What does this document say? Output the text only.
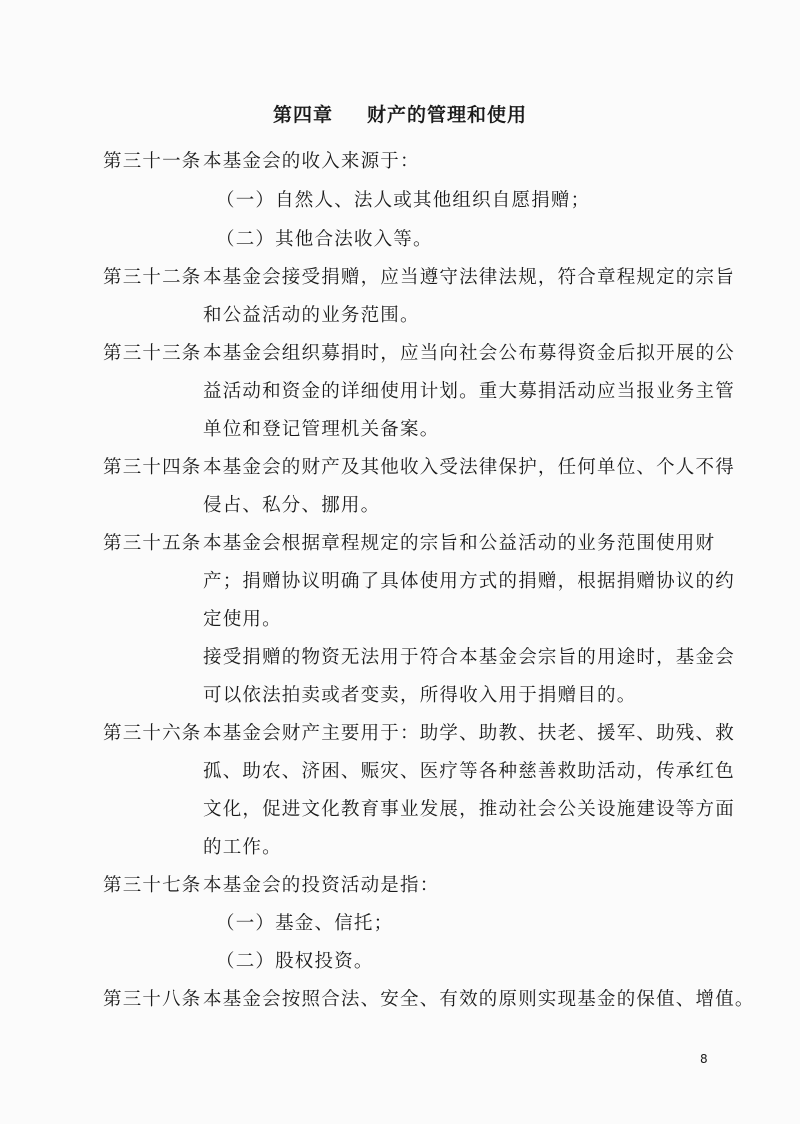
第四章 财产的管理和使用
第三十一条 本基金会的收入来源于：
（一）自然人、法人或其他组织自愿捐赠；
（二）其他合法收入等。
第三十二条 本基金会接受捐赠，应当遵守法律法规，符合章程规定的宗旨
和公益活动的业务范围。
第三十三条 本基金会组织募捐时，应当向社会公布募得资金后拟开展的公
益活动和资金的详细使用计划。重大募捐活动应当报业务主管
单位和登记管理机关备案。
第三十四条 本基金会的财产及其他收入受法律保护，任何单位、个人不得
侵占、私分、挪用。
第三十五条 本基金会根据章程规定的宗旨和公益活动的业务范围使用财
产；捐赠协议明确了具体使用方式的捐赠，根据捐赠协议的约
定使用。
接受捐赠的物资无法用于符合本基金会宗旨的用途时，基金会
可以依法拍卖或者变卖，所得收入用于捐赠目的。
第三十六条 本基金会财产主要用于：助学、助教、扶老、援军、助残、救
孤、助农、济困、赈灾、医疗等各种慈善救助活动，传承红色
文化，促进文化教育事业发展，推动社会公关设施建设等方面
的工作。
第三十七条 本基金会的投资活动是指：
（一）基金、信托；
（二）股权投资。
第三十八条 本基金会按照合法、安全、有效的原则实现基金的保值、增值。
8
